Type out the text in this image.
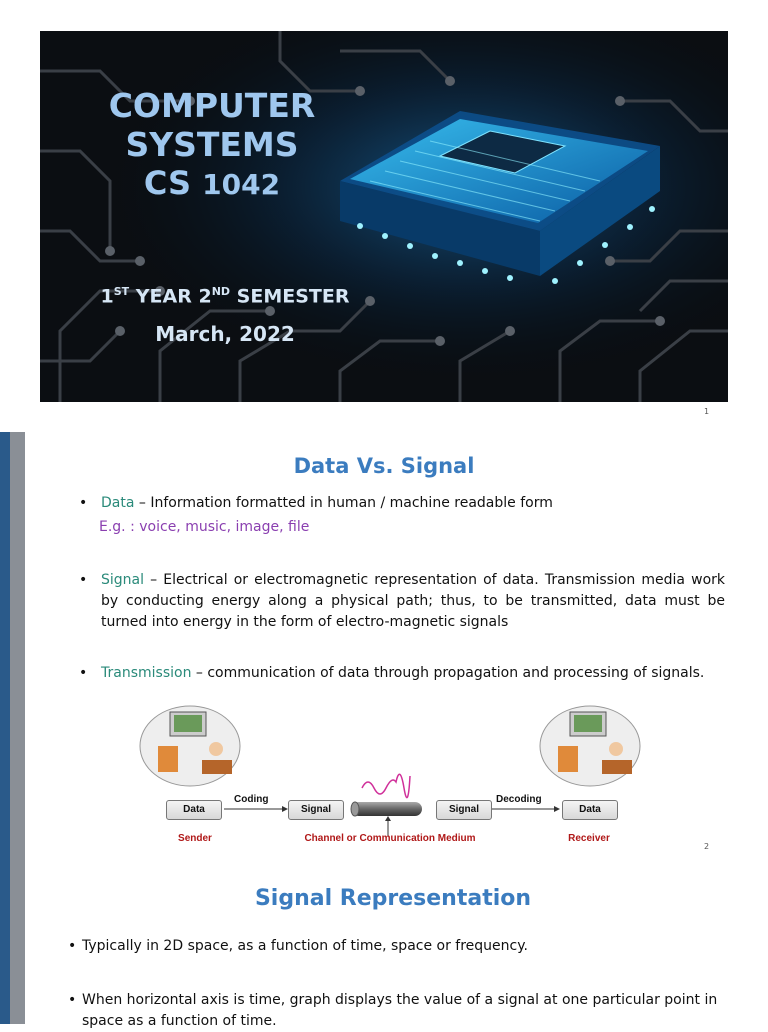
COMPUTER
SYSTEMS
CS 1042
1ST YEAR 2ND SEMESTER
March, 2022
1
Data Vs. Signal
• Data – Information formatted in human / machine readable form
E.g. : voice, music, image, file
• Signal – Electrical or electromagnetic representation of data. Transmission media work by conducting energy along a physical path; thus, to be transmitted, data must be turned into energy in the form of electro-magnetic signals
• Transmission – communication of data through propagation and processing of signals.
Data
Coding
Signal	Signal
Decoding
Data
Sender	Channel or Communication Medium	Receiver
2
Signal Representation
• Typically in 2D space, as a function of time, space or frequency.
• When horizontal axis is time, graph displays the value of a signal at one particular point in space as a function of time.
